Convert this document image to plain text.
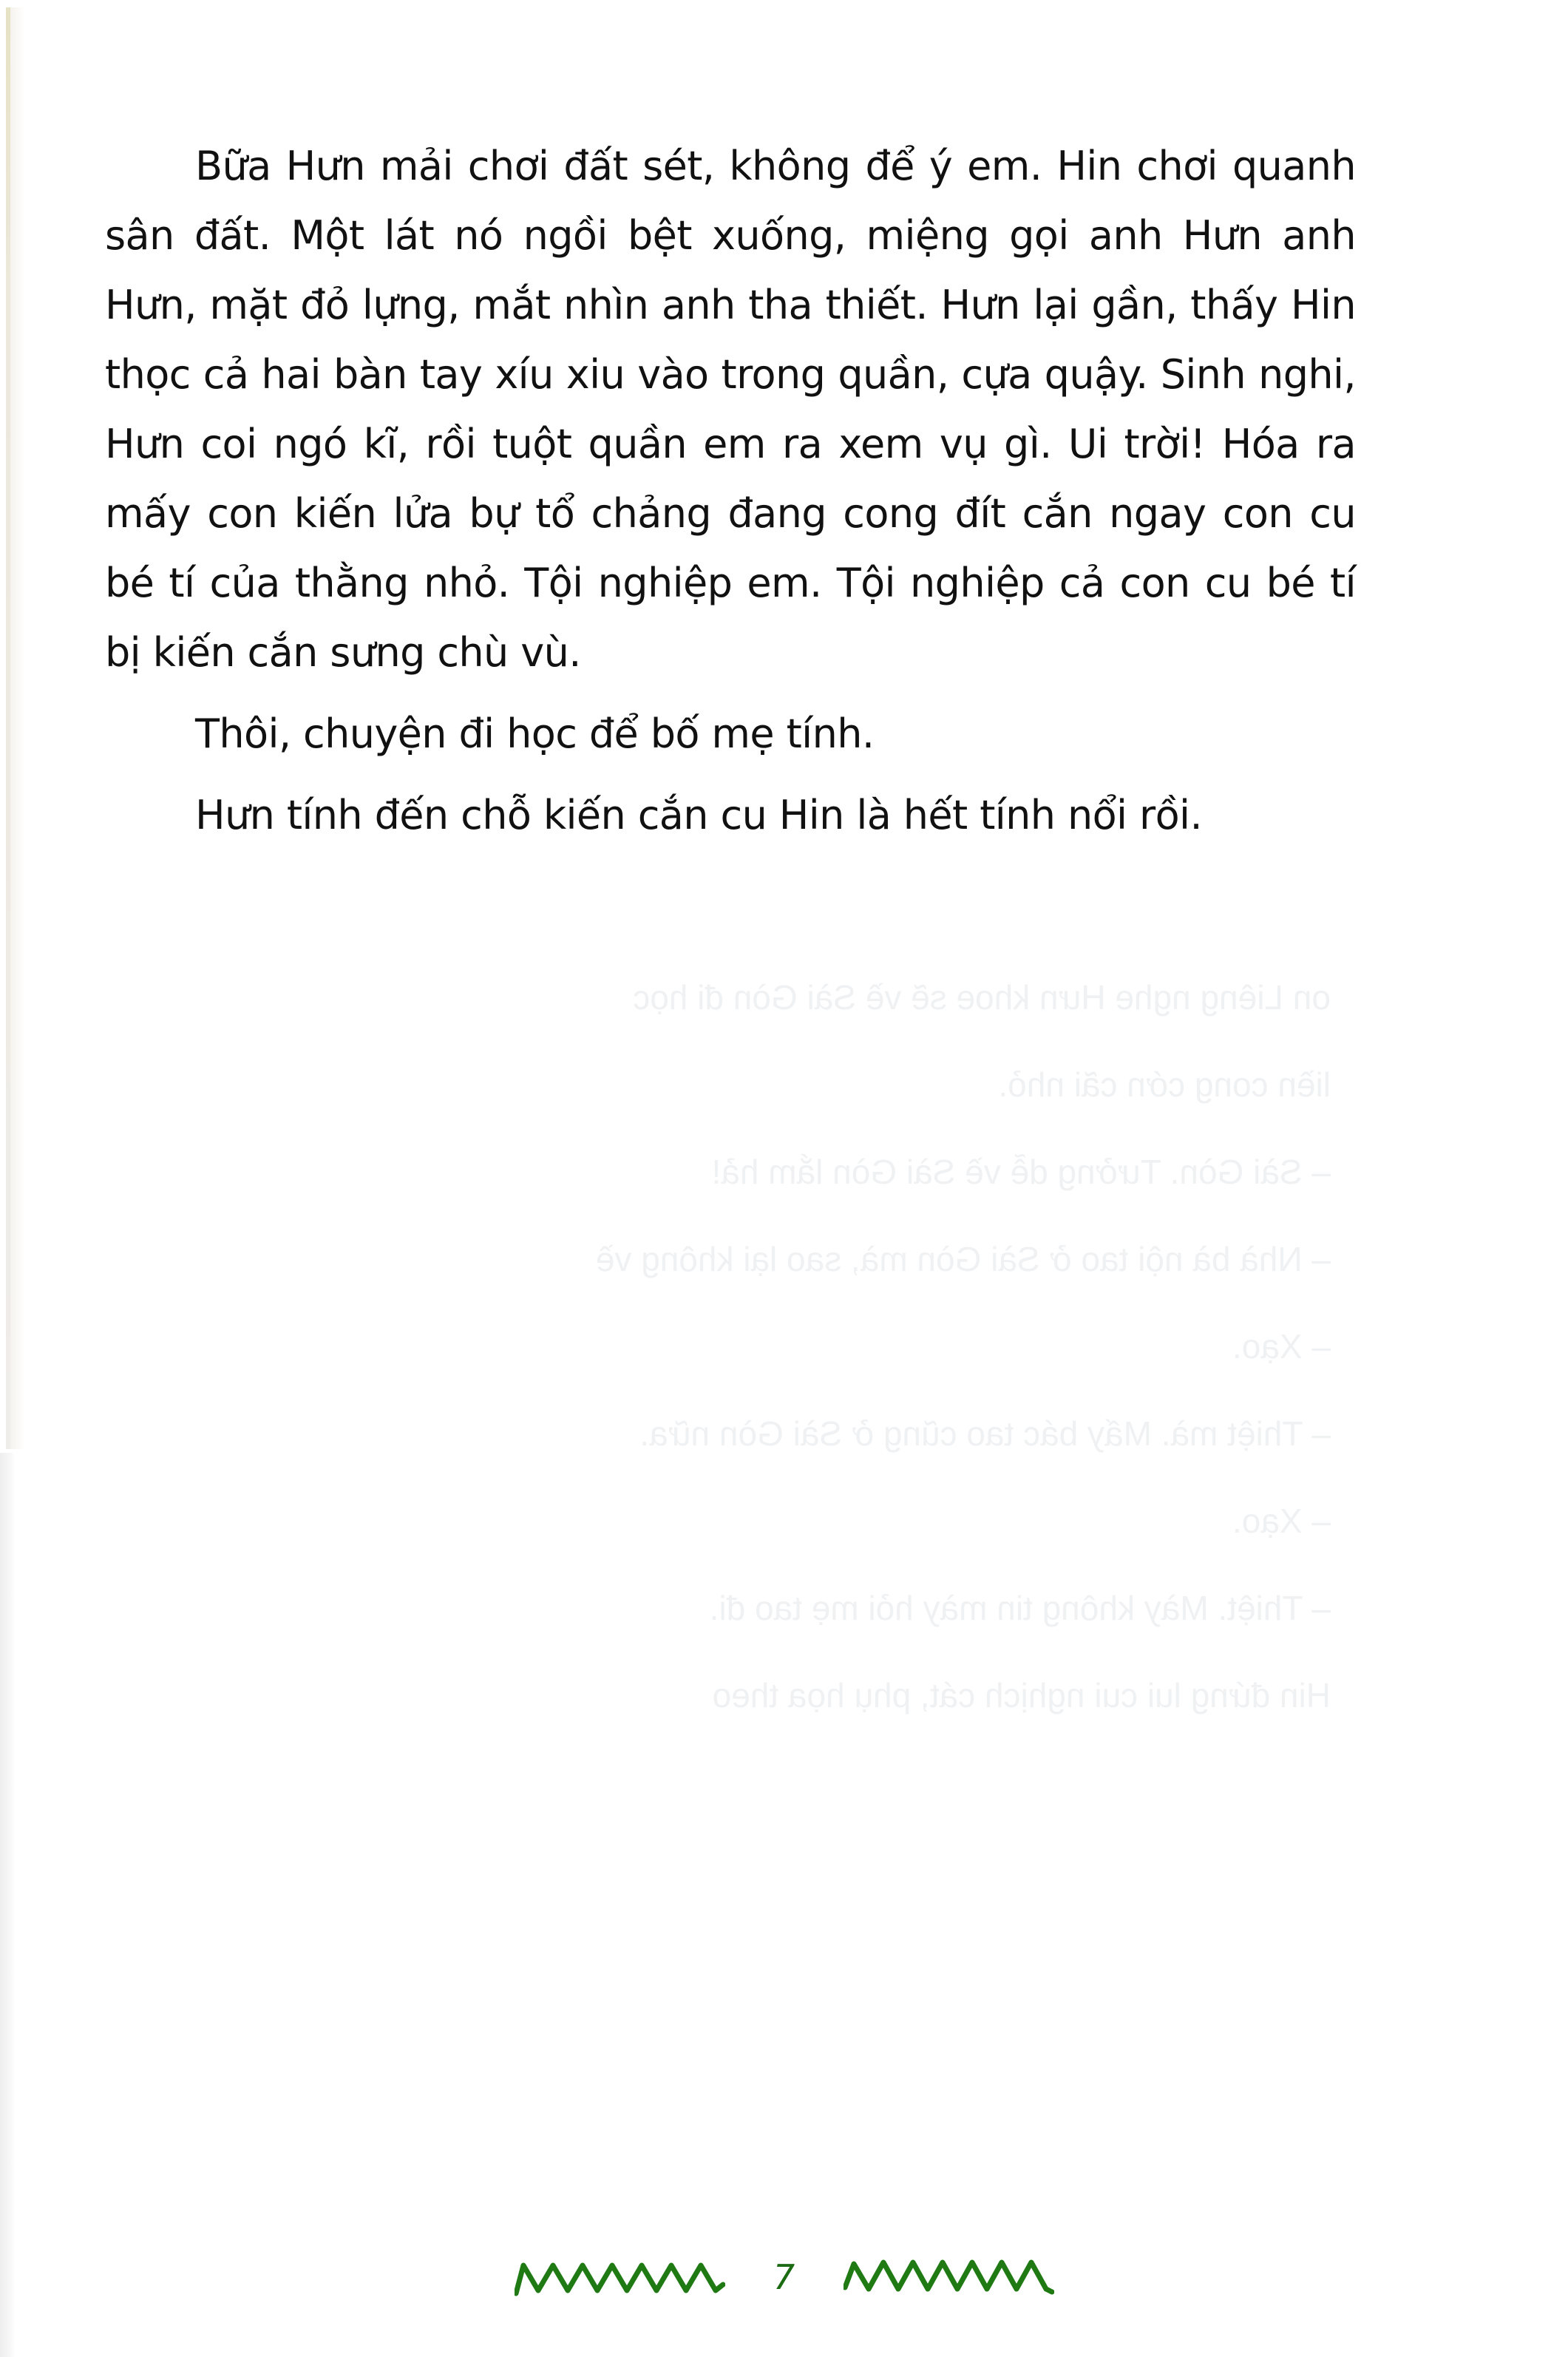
on Liêng nghe Hưn khoe sẽ về Sài Gòn đi học
liền cong cớn cãi nhỏ.
– Sài Gòn. Tưởng dễ về Sài Gòn lắm hả!
– Nhà bà nội tao ở Sài Gòn mà, sao lại không về
– Xạo.
– Thiệt mà. Mấy bác tao cũng ở Sài Gòn nữa.
– Xạo.
– Thiệt. Mày không tin mày hỏi mẹ tao đi.
Hin đứng lui cui nghịch cát, phụ họa theo

Bữa Hưn mải chơi đất sét, không để ý em. Hin chơi quanh sân đất. Một lát nó ngồi bệt xuống, miệng gọi anh Hưn anh Hưn, mặt đỏ lựng, mắt nhìn anh tha thiết. Hưn lại gần, thấy Hin thọc cả hai bàn tay xíu xiu vào trong quần, cựa quậy. Sinh nghi, Hưn coi ngó kĩ, rồi tuột quần em ra xem vụ gì. Ui trời! Hóa ra mấy con kiến lửa bự tổ chảng đang cong đít cắn ngay con cu bé tí của thằng nhỏ. Tội nghiệp em. Tội nghiệp cả con cu bé tí bị kiến cắn sưng chù vù.

Thôi, chuyện đi học để bố mẹ tính.

Hưn tính đến chỗ kiến cắn cu Hin là hết tính nổi rồi.

7
